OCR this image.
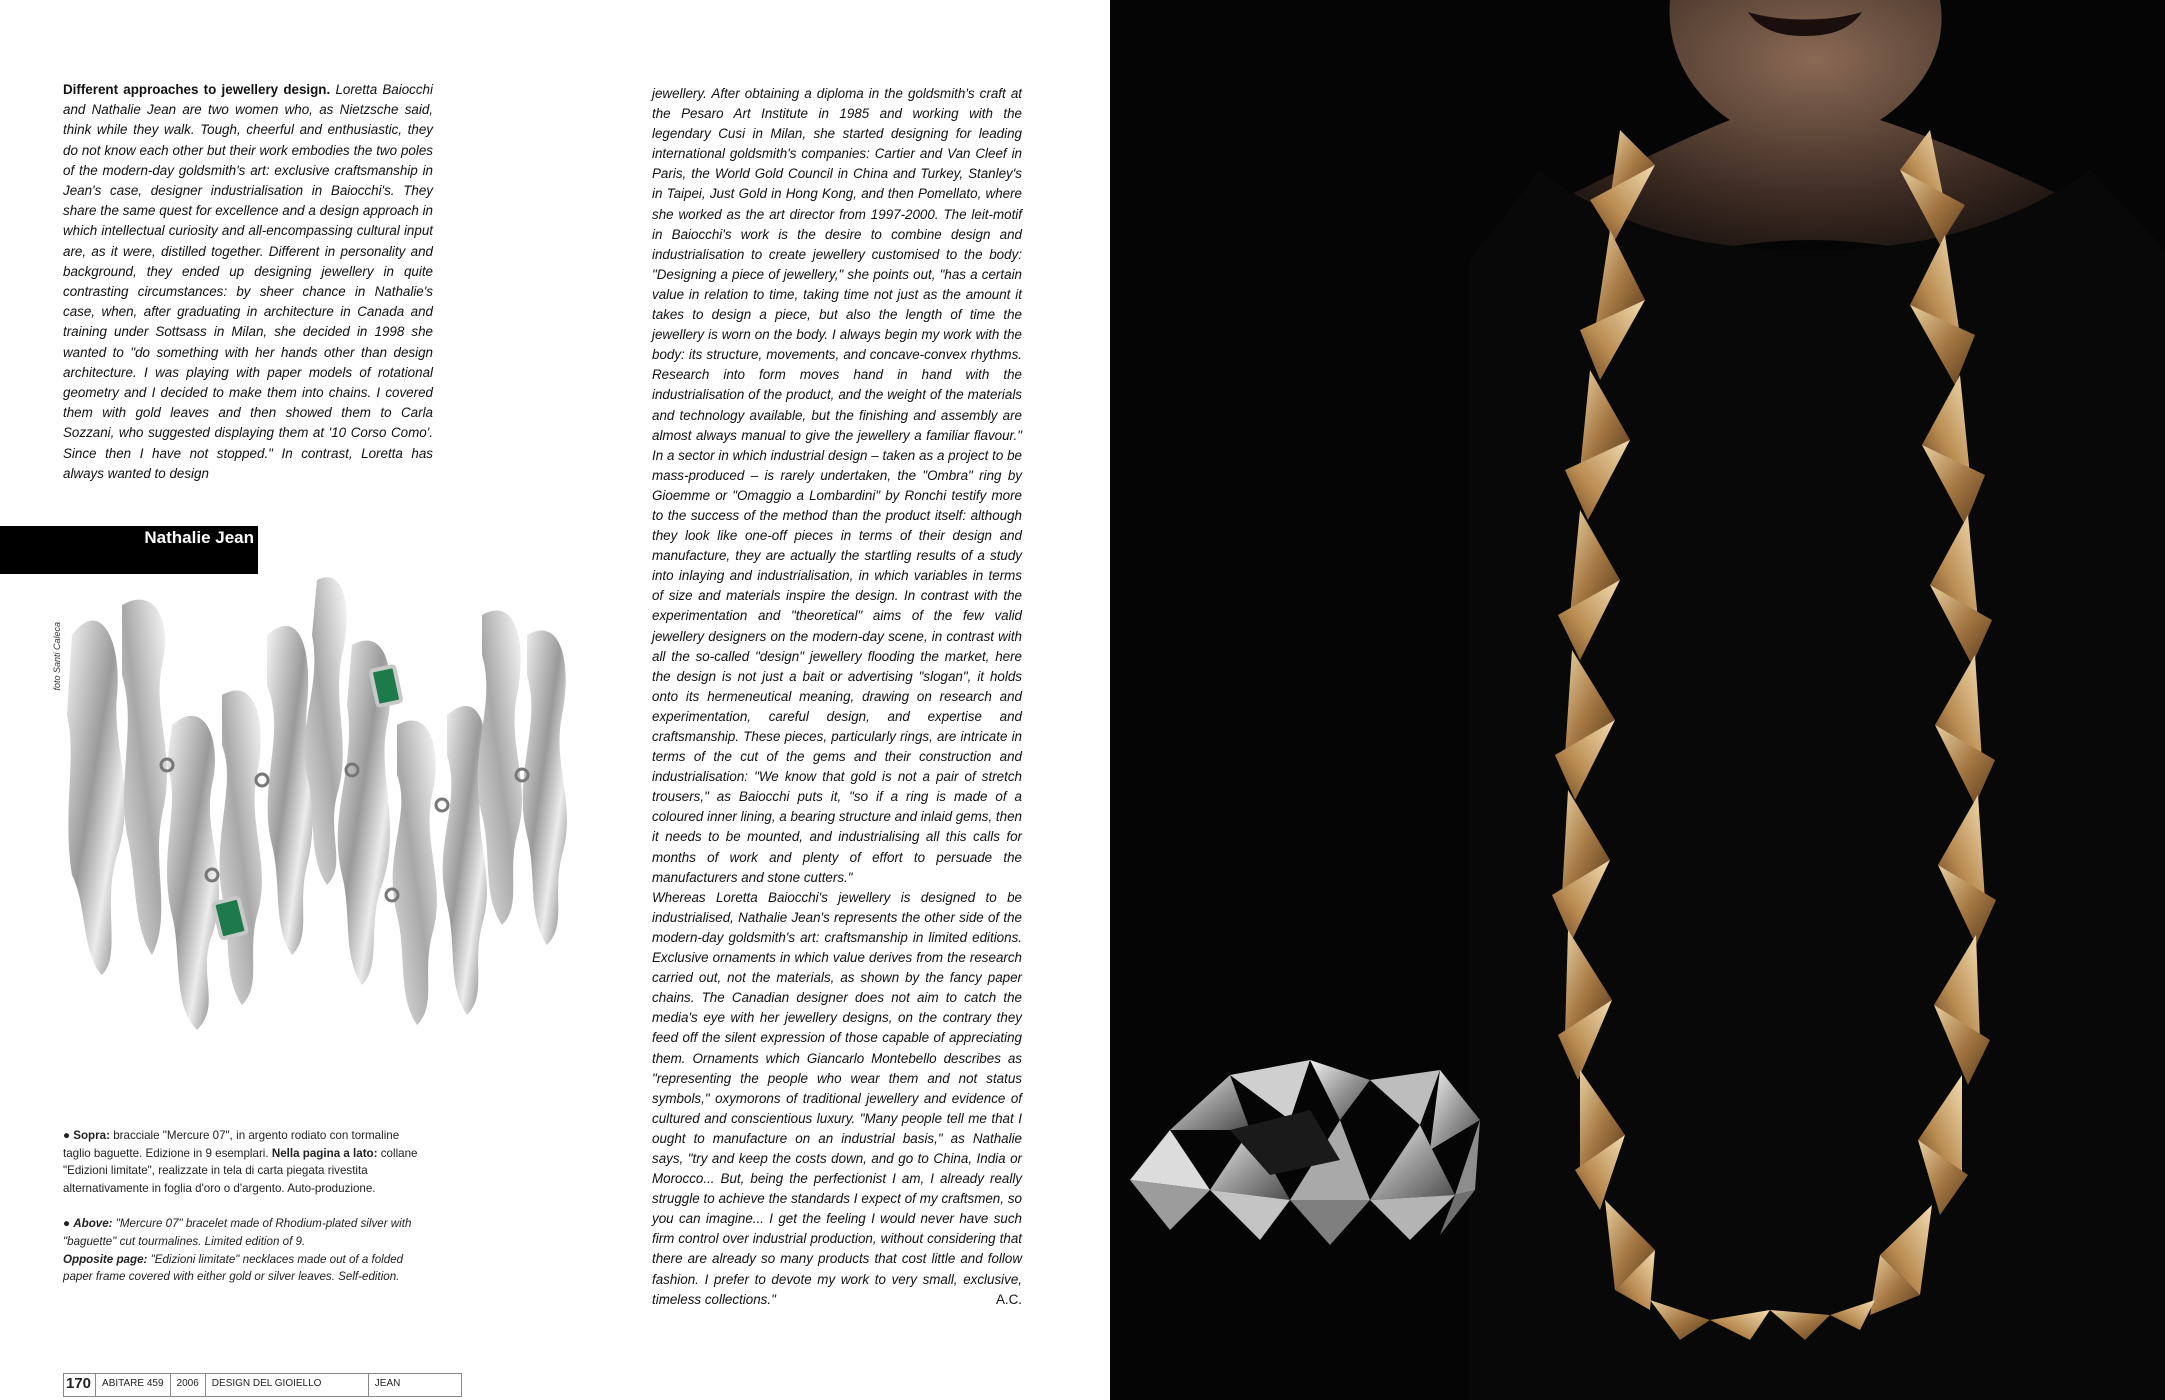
Different approaches to jewellery design. Loretta Baiocchi and Nathalie Jean are two women who, as Nietzsche said, think while they walk. Tough, cheerful and enthusiastic, they do not know each other but their work embodies the two poles of the modern-day goldsmith's art: exclusive craftsmanship in Jean's case, designer industrialisation in Baiocchi's. They share the same quest for excellence and a design approach in which intellectual curiosity and all-encompassing cultural input are, as it were, distilled together. Different in personality and background, they ended up designing jewellery in quite contrasting circumstances: by sheer chance in Nathalie's case, when, after graduating in architecture in Canada and training under Sottsass in Milan, she decided in 1998 she wanted to "do something with her hands other than design architecture. I was playing with paper models of rotational geometry and I decided to make them into chains. I covered them with gold leaves and then showed them to Carla Sozzani, who suggested displaying them at '10 Corso Como'. Since then I have not stopped." In contrast, Loretta has always wanted to design

Nathalie Jean
foto Santi Caleca

● Sopra: bracciale "Mercure 07", in argento rodiato con tormaline taglio baguette. Edizione in 9 esemplari. Nella pagina a lato: collane "Edizioni limitate", realizzate in tela di carta piegata rivestita alternativamente in foglia d'oro o d'argento. Auto-produzione.

● Above: "Mercure 07" bracelet made of Rhodium-plated silver with "baguette" cut tourmalines. Limited edition of 9.
Opposite page: "Edizioni limitate" necklaces made out of a folded paper frame covered with either gold or silver leaves. Self-edition.

jewellery. After obtaining a diploma in the goldsmith's craft at the Pesaro Art Institute in 1985 and working with the legendary Cusi in Milan, she started designing for leading international goldsmith's companies: Cartier and Van Cleef in Paris, the World Gold Council in China and Turkey, Stanley's in Taipei, Just Gold in Hong Kong, and then Pomellato, where she worked as the art director from 1997-2000. The leit-motif in Baiocchi's work is the desire to combine design and industrialisation to create jewellery customised to the body: "Designing a piece of jewellery," she points out, "has a certain value in relation to time, taking time not just as the amount it takes to design a piece, but also the length of time the jewellery is worn on the body. I always begin my work with the body: its structure, movements, and concave-convex rhythms. Research into form moves hand in hand with the industrialisation of the product, and the weight of the materials and technology available, but the finishing and assembly are almost always manual to give the jewellery a familiar flavour." In a sector in which industrial design – taken as a project to be mass-produced – is rarely undertaken, the "Ombra" ring by Gioemme or "Omaggio a Lombardini" by Ronchi testify more to the success of the method than the product itself: although they look like one-off pieces in terms of their design and manufacture, they are actually the startling results of a study into inlaying and industrialisation, in which variables in terms of size and materials inspire the design. In contrast with the experimentation and "theoretical" aims of the few valid jewellery designers on the modern-day scene, in contrast with all the so-called "design" jewellery flooding the market, here the design is not just a bait or advertising "slogan", it holds onto its hermeneutical meaning, drawing on research and experimentation, careful design, and expertise and craftsmanship. These pieces, particularly rings, are intricate in terms of the cut of the gems and their construction and industrialisation: "We know that gold is not a pair of stretch trousers," as Baiocchi puts it, "so if a ring is made of a coloured inner lining, a bearing structure and inlaid gems, then it needs to be mounted, and industrialising all this calls for months of work and plenty of effort to persuade the manufacturers and stone cutters."

Whereas Loretta Baiocchi's jewellery is designed to be industrialised, Nathalie Jean's represents the other side of the modern-day goldsmith's art: craftsmanship in limited editions. Exclusive ornaments in which value derives from the research carried out, not the materials, as shown by the fancy paper chains. The Canadian designer does not aim to catch the media's eye with her jewellery designs, on the contrary they feed off the silent expression of those capable of appreciating them. Ornaments which Giancarlo Montebello describes as "representing the people who wear them and not status symbols," oxymorons of traditional jewellery and evidence of cultured and conscientious luxury. "Many people tell me that I ought to manufacture on an industrial basis," as Nathalie says, "try and keep the costs down, and go to China, India or Morocco... But, being the perfectionist I am, I already really struggle to achieve the standards I expect of my craftsmen, so you can imagine... I get the feeling I would never have such firm control over industrial production, without considering that there are already so many products that cost little and follow fashion. I prefer to devote my work to very small, exclusive, timeless collections."	A.C.

170	ABITARE 459	2006	DESIGN DEL GIOIELLO	JEAN
